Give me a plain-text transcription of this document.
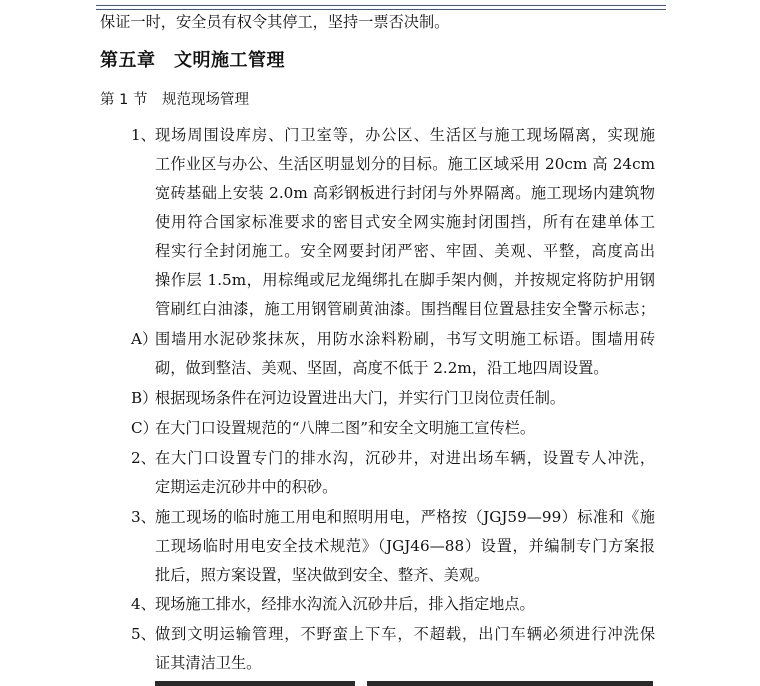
保证一时，安全员有权令其停工，坚持一票否决制。
第五章　文明施工管理
第 1 节　规范现场管理
1、 现场周围设库房、门卫室等，办公区、生活区与施工现场隔离，实现施
工作业区与办公、生活区明显划分的目标。施工区域采用 20cm 高 24cm
宽砖基础上安装 2.0m 高彩钢板进行封闭与外界隔离。施工现场内建筑物
使用符合国家标准要求的密目式安全网实施封闭围挡，所有在建单体工
程实行全封闭施工。安全网要封闭严密、牢固、美观、平整，高度高出
操作层 1.5m，用棕绳或尼龙绳绑扎在脚手架内侧，并按规定将防护用钢
管刷红白油漆，施工用钢管刷黄油漆。围挡醒目位置悬挂安全警示标志；
A）
围墙用水泥砂浆抹灰，用防水涂料粉刷，书写文明施工标语。围墙用砖
砌，做到整洁、美观、坚固，高度不低于 2.2m，沿工地四周设置。
B）
根据现场条件在河边设置进出大门，并实行门卫岗位责任制。
C）
在大门口设置规范的“八牌二图”和安全文明施工宣传栏。
2、 在大门口设置专门的排水沟，沉砂井，对进出场车辆，设置专人冲洗，
定期运走沉砂井中的积砂。
3、 施工现场的临时施工用电和照明用电，严格按（JGJ59—99）标准和《施
工现场临时用电安全技术规范》（JGJ46—88）设置，并编制专门方案报
批后，照方案设置，坚决做到安全、整齐、美观。
4、 现场施工排水，经排水沟流入沉砂井后，排入指定地点。
5、 做到文明运输管理，不野蛮上下车，不超载，出门车辆必须进行冲洗保
证其清洁卫生。
